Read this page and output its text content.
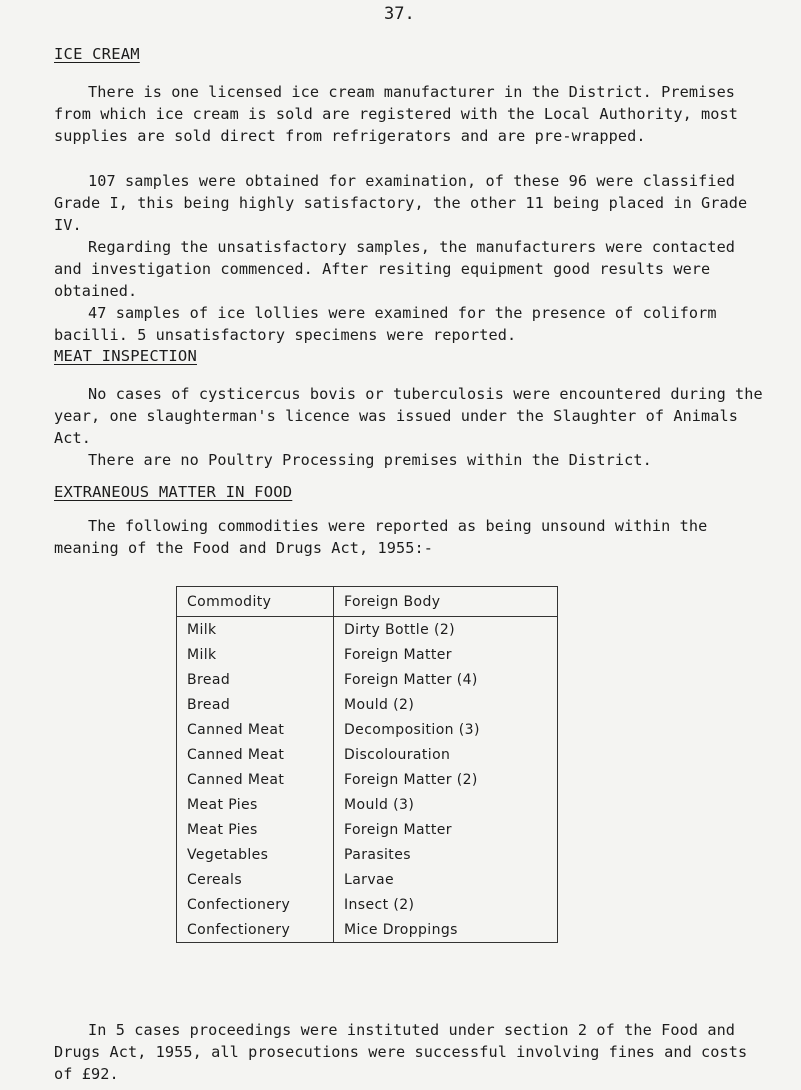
37.
ICE CREAM

There is one licensed ice cream manufacturer in the District. Premises from which ice cream is sold are registered with the Local Authority, most supplies are sold direct from refrigerators and are pre-wrapped.

107 samples were obtained for examination, of these 96 were classified Grade I, this being highly satisfactory, the other 11 being placed in Grade IV.

Regarding the unsatisfactory samples, the manufacturers were contacted and investigation commenced. After resiting equipment good results were obtained.

47 samples of ice lollies were examined for the presence of coliform bacilli. 5 unsatisfactory specimens were reported.

MEAT INSPECTION

No cases of cysticercus bovis or tuberculosis were encountered during the year, one slaughterman's licence was issued under the Slaughter of Animals Act.

There are no Poultry Processing premises within the District.

EXTRANEOUS MATTER IN FOOD

The following commodities were reported as being unsound within the meaning of the Food and Drugs Act, 1955:-

Commodity	Foreign Body
Milk	Dirty Bottle (2)
Milk	Foreign Matter
Bread	Foreign Matter (4)
Bread	Mould (2)
Canned Meat	Decomposition (3)
Canned Meat	Discolouration
Canned Meat	Foreign Matter (2)
Meat Pies	Mould (3)
Meat Pies	Foreign Matter
Vegetables	Parasites
Cereals	Larvae
Confectionery	Insect (2)
Confectionery	Mice Droppings

In 5 cases proceedings were instituted under section 2 of the Food and Drugs Act, 1955, all prosecutions were successful involving fines and costs of £92.
